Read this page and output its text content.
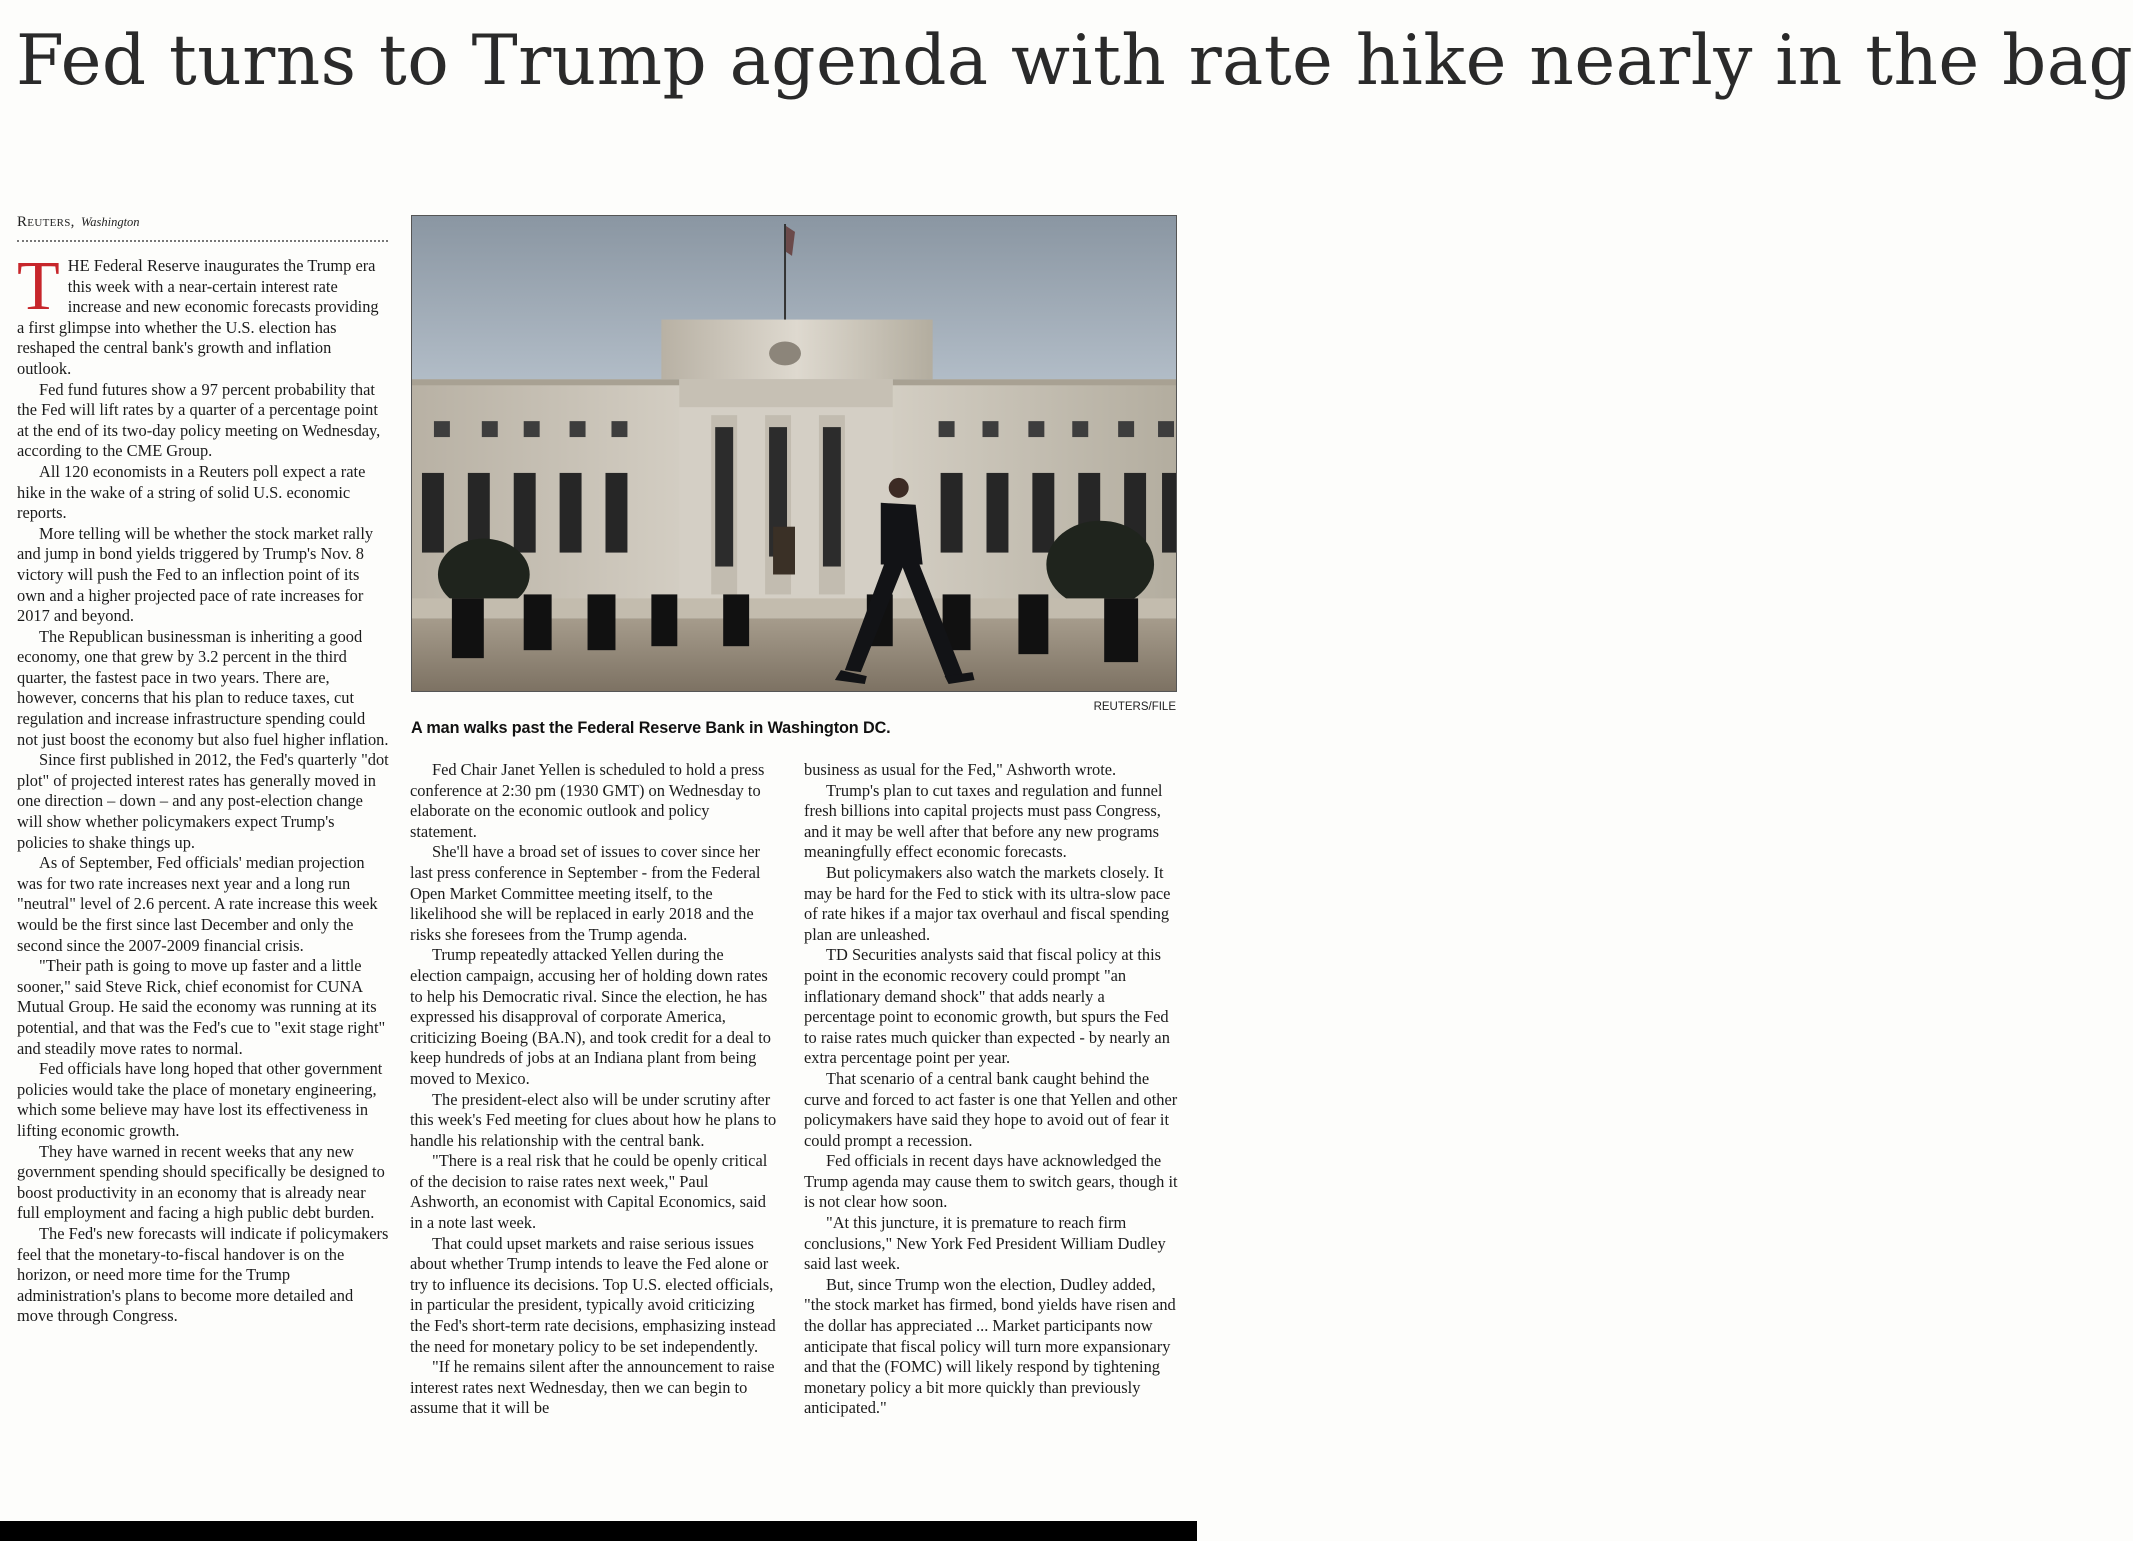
Fed turns to Trump agenda with rate hike nearly in the bag
Reuters, Washington

THE Federal Reserve inaugurates the Trump era this week with a near-certain interest rate increase and new economic forecasts providing a first glimpse into whether the U.S. election has reshaped the central bank's growth and inflation outlook.

Fed fund futures show a 97 percent probability that the Fed will lift rates by a quarter of a percentage point at the end of its two-day policy meeting on Wednesday, according to the CME Group.

All 120 economists in a Reuters poll expect a rate hike in the wake of a string of solid U.S. economic reports.

More telling will be whether the stock market rally and jump in bond yields triggered by Trump's Nov. 8 victory will push the Fed to an inflection point of its own and a higher projected pace of rate increases for 2017 and beyond.

The Republican businessman is inheriting a good economy, one that grew by 3.2 percent in the third quarter, the fastest pace in two years. There are, however, concerns that his plan to reduce taxes, cut regulation and increase infrastructure spending could not just boost the economy but also fuel higher inflation.

Since first published in 2012, the Fed's quarterly "dot plot" of projected interest rates has generally moved in one direction – down – and any post-election change will show whether policymakers expect Trump's policies to shake things up.

As of September, Fed officials' median projection was for two rate increases next year and a long run "neutral" level of 2.6 percent. A rate increase this week would be the first since last December and only the second since the 2007-2009 financial crisis.

"Their path is going to move up faster and a little sooner," said Steve Rick, chief economist for CUNA Mutual Group. He said the economy was running at its potential, and that was the Fed's cue to "exit stage right" and steadily move rates to normal.

Fed officials have long hoped that other government policies would take the place of monetary engineering, which some believe may have lost its effectiveness in lifting economic growth.

They have warned in recent weeks that any new government spending should specifically be designed to boost productivity in an economy that is already near full employment and facing a high public debt burden.

The Fed's new forecasts will indicate if policymakers feel that the monetary-to-fiscal handover is on the horizon, or need more time for the Trump administration's plans to become more detailed and move through Congress.

REUTERS/FILE

A man walks past the Federal Reserve Bank in Washington DC.

Fed Chair Janet Yellen is scheduled to hold a press conference at 2:30 pm (1930 GMT) on Wednesday to elaborate on the economic outlook and policy statement.

She'll have a broad set of issues to cover since her last press conference in September - from the Federal Open Market Committee meeting itself, to the likelihood she will be replaced in early 2018 and the risks she foresees from the Trump agenda.

Trump repeatedly attacked Yellen during the election campaign, accusing her of holding down rates to help his Democratic rival. Since the election, he has expressed his disapproval of corporate America, criticizing Boeing (BA.N), and took credit for a deal to keep hundreds of jobs at an Indiana plant from being moved to Mexico.

The president-elect also will be under scrutiny after this week's Fed meeting for clues about how he plans to handle his relationship with the central bank.

"There is a real risk that he could be openly critical of the decision to raise rates next week," Paul Ashworth, an economist with Capital Economics, said in a note last week.

That could upset markets and raise serious issues about whether Trump intends to leave the Fed alone or try to influence its decisions. Top U.S. elected officials, in particular the president, typically avoid criticizing the Fed's short-term rate decisions, emphasizing instead the need for monetary policy to be set independently.

"If he remains silent after the announcement to raise interest rates next Wednesday, then we can begin to assume that it will be

business as usual for the Fed," Ashworth wrote.

Trump's plan to cut taxes and regulation and funnel fresh billions into capital projects must pass Congress, and it may be well after that before any new programs meaningfully effect economic forecasts.

But policymakers also watch the markets closely. It may be hard for the Fed to stick with its ultra-slow pace of rate hikes if a major tax overhaul and fiscal spending plan are unleashed.

TD Securities analysts said that fiscal policy at this point in the economic recovery could prompt "an inflationary demand shock" that adds nearly a percentage point to economic growth, but spurs the Fed to raise rates much quicker than expected - by nearly an extra percentage point per year.

That scenario of a central bank caught behind the curve and forced to act faster is one that Yellen and other policymakers have said they hope to avoid out of fear it could prompt a recession.

Fed officials in recent days have acknowledged the Trump agenda may cause them to switch gears, though it is not clear how soon.

"At this juncture, it is premature to reach firm conclusions," New York Fed President William Dudley said last week.

But, since Trump won the election, Dudley added, "the stock market has firmed, bond yields have risen and the dollar has appreciated ... Market participants now anticipate that fiscal policy will turn more expansionary and that the (FOMC) will likely respond by tightening monetary policy a bit more quickly than previously anticipated."
